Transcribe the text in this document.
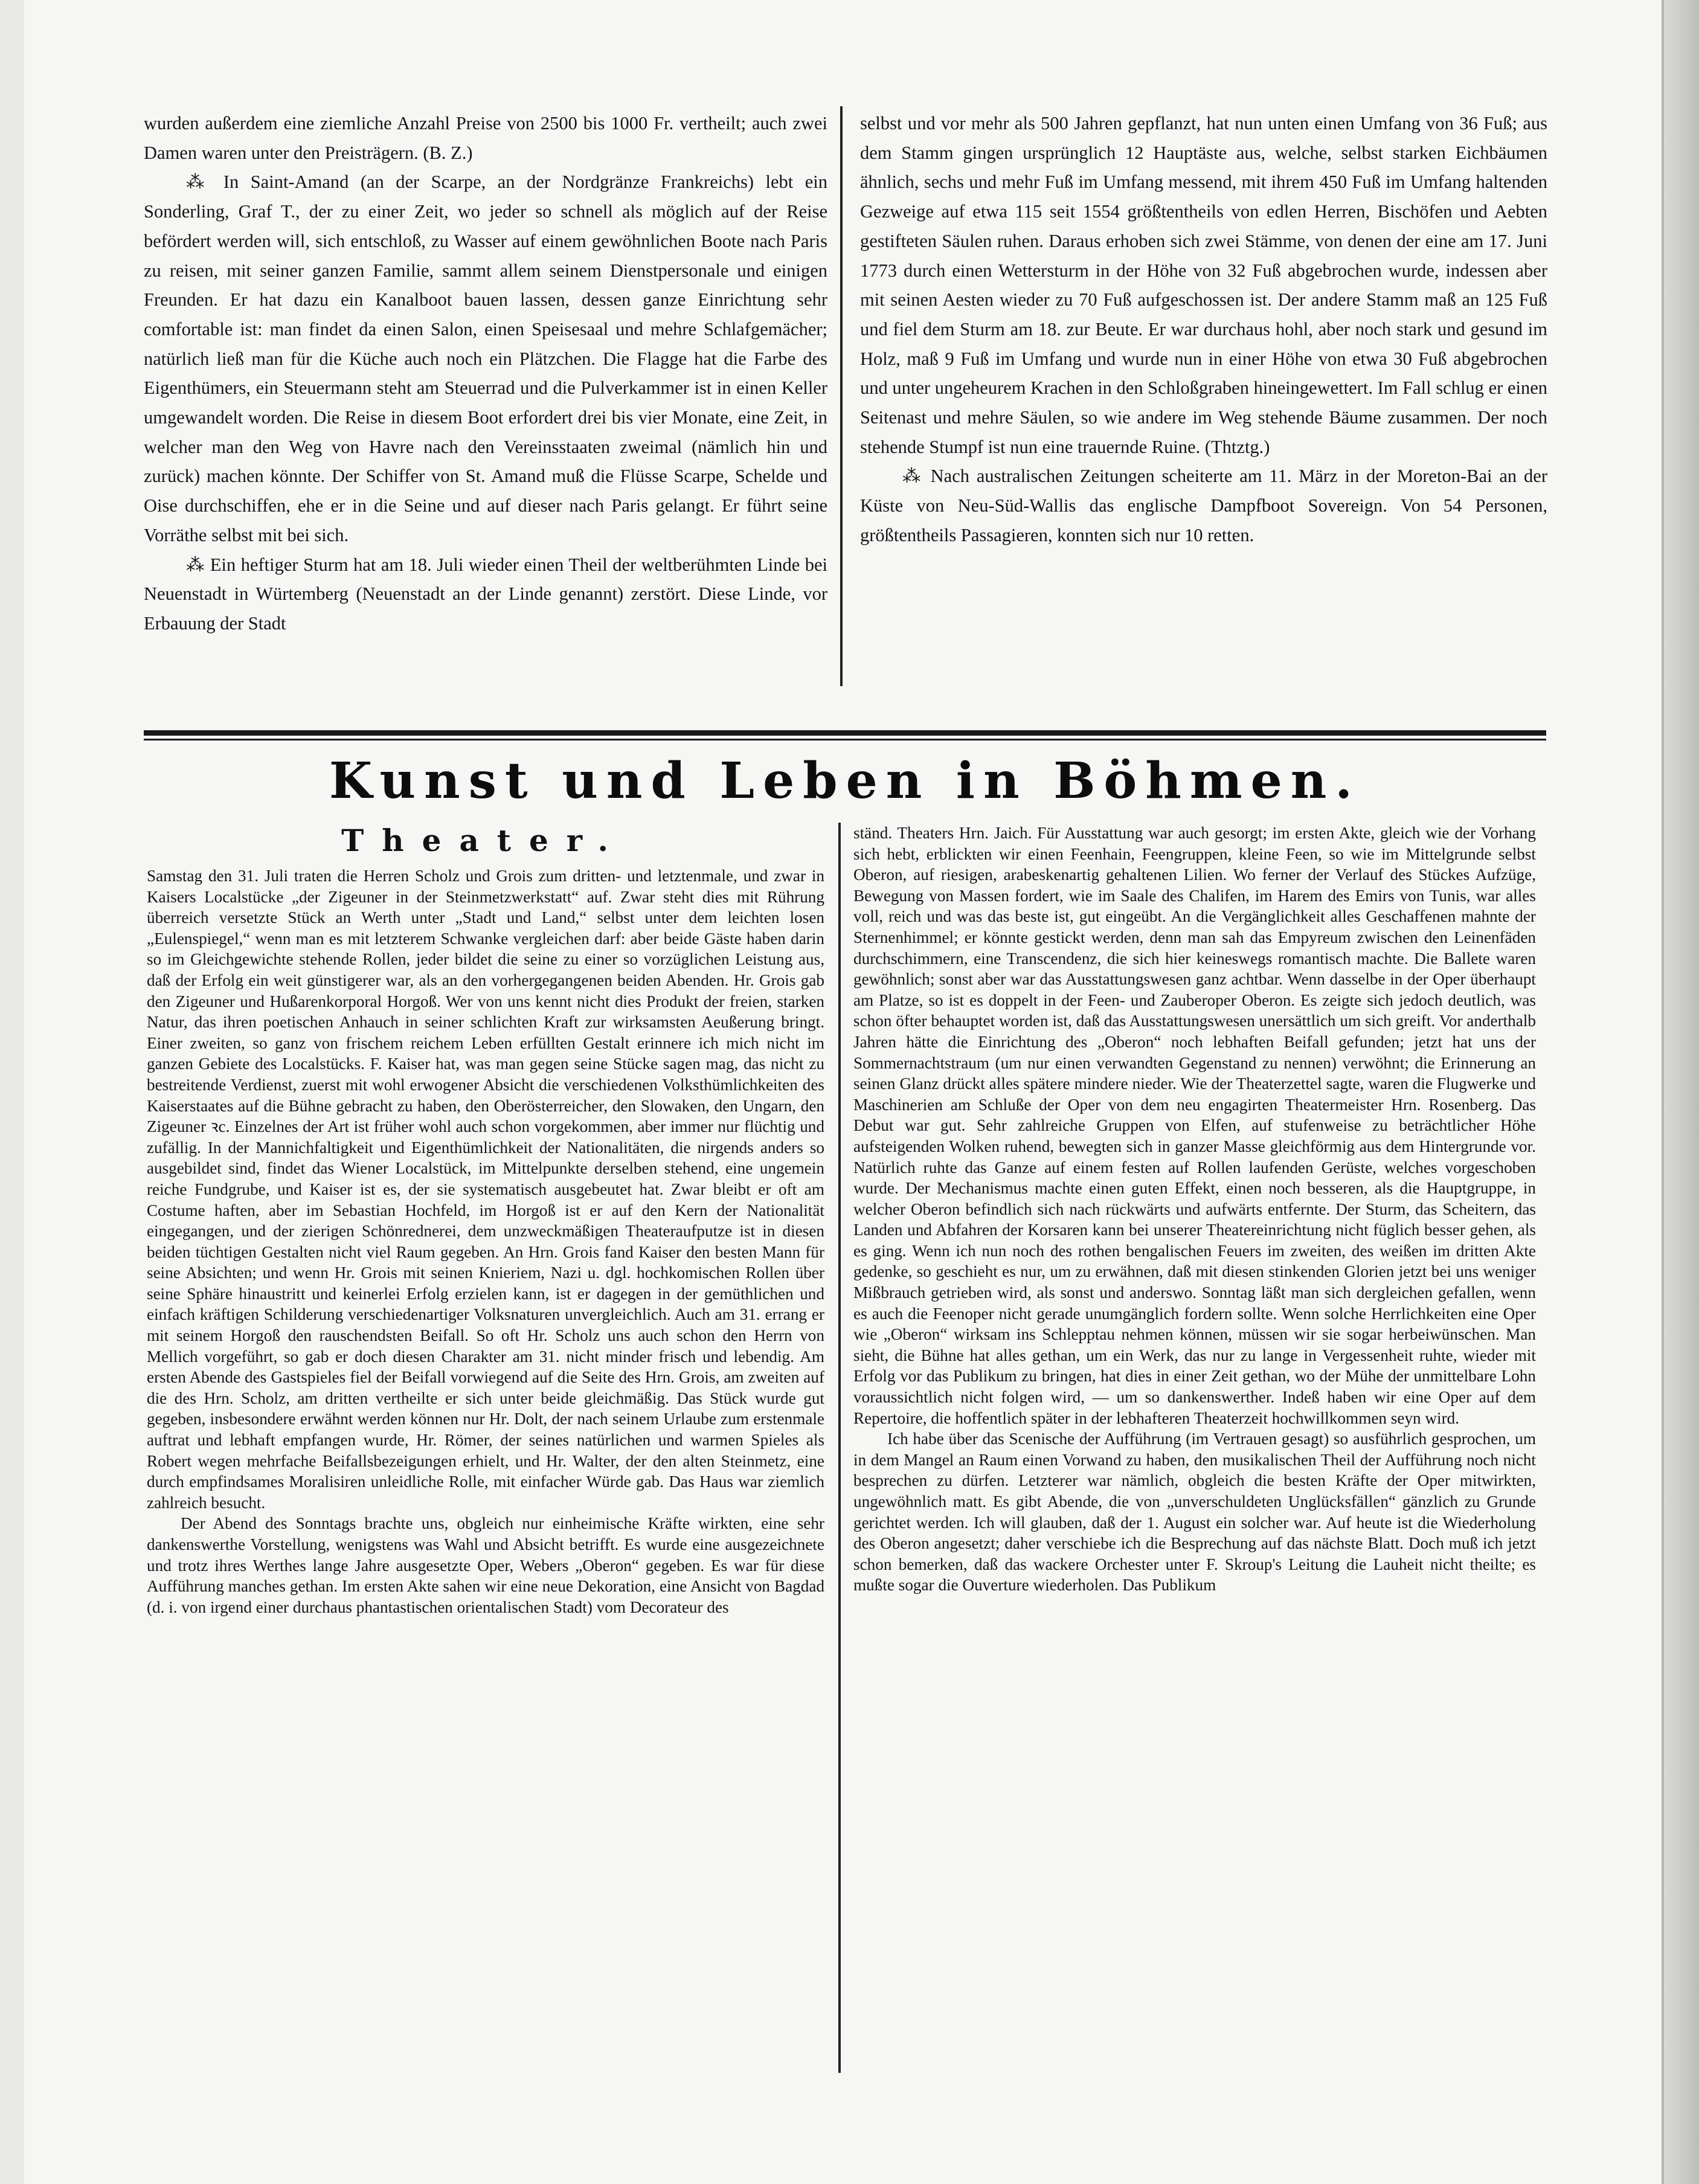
wurden außerdem eine ziemliche Anzahl Preise von 2500 bis 1000 Fr. vertheilt; auch zwei Damen waren unter den Preisträgern. (B. Z.)

⁂ In Saint-Amand (an der Scarpe, an der Nordgränze Frankreichs) lebt ein Sonderling, Graf T., der zu einer Zeit, wo jeder so schnell als möglich auf der Reise befördert werden will, sich entschloß, zu Wasser auf einem gewöhnlichen Boote nach Paris zu reisen, mit seiner ganzen Familie, sammt allem seinem Dienstpersonale und einigen Freunden. Er hat dazu ein Kanalboot bauen lassen, dessen ganze Einrichtung sehr comfortable ist: man findet da einen Salon, einen Speisesaal und mehre Schlafgemächer; natürlich ließ man für die Küche auch noch ein Plätzchen. Die Flagge hat die Farbe des Eigenthümers, ein Steuermann steht am Steuerrad und die Pulverkammer ist in einen Keller umgewandelt worden. Die Reise in diesem Boot erfordert drei bis vier Monate, eine Zeit, in welcher man den Weg von Havre nach den Vereinsstaaten zweimal (nämlich hin und zurück) machen könnte. Der Schiffer von St. Amand muß die Flüsse Scarpe, Schelde und Oise durchschiffen, ehe er in die Seine und auf dieser nach Paris gelangt. Er führt seine Vorräthe selbst mit bei sich.

⁂ Ein heftiger Sturm hat am 18. Juli wieder einen Theil der weltberühmten Linde bei Neuenstadt in Würtemberg (Neuenstadt an der Linde genannt) zerstört. Diese Linde, vor Erbauung der Stadt

selbst und vor mehr als 500 Jahren gepflanzt, hat nun unten einen Umfang von 36 Fuß; aus dem Stamm gingen ursprünglich 12 Hauptäste aus, welche, selbst starken Eichbäumen ähnlich, sechs und mehr Fuß im Umfang messend, mit ihrem 450 Fuß im Umfang haltenden Gezweige auf etwa 115 seit 1554 größtentheils von edlen Herren, Bischöfen und Aebten gestifteten Säulen ruhen. Daraus erhoben sich zwei Stämme, von denen der eine am 17. Juni 1773 durch einen Wettersturm in der Höhe von 32 Fuß abgebrochen wurde, indessen aber mit seinen Aesten wieder zu 70 Fuß aufgeschossen ist. Der andere Stamm maß an 125 Fuß und fiel dem Sturm am 18. zur Beute. Er war durchaus hohl, aber noch stark und gesund im Holz, maß 9 Fuß im Umfang und wurde nun in einer Höhe von etwa 30 Fuß abgebrochen und unter ungeheurem Krachen in den Schloßgraben hineingewettert. Im Fall schlug er einen Seitenast und mehre Säulen, so wie andere im Weg stehende Bäume zusammen. Der noch stehende Stumpf ist nun eine trauernde Ruine. (Thtztg.)

⁂ Nach australischen Zeitungen scheiterte am 11. März in der Moreton-Bai an der Küste von Neu-Süd-Wallis das englische Dampfboot Sovereign. Von 54 Personen, größtentheils Passagieren, konnten sich nur 10 retten.

Kunst und Leben in Böhmen.
Theater.

Samstag den 31. Juli traten die Herren Scholz und Grois zum dritten- und letztenmale, und zwar in Kaisers Localstücke „der Zigeuner in der Steinmetzwerkstatt“ auf. Zwar steht dies mit Rührung überreich versetzte Stück an Werth unter „Stadt und Land,“ selbst unter dem leichten losen „Eulenspiegel,“ wenn man es mit letzterem Schwanke vergleichen darf: aber beide Gäste haben darin so im Gleichgewichte stehende Rollen, jeder bildet die seine zu einer so vorzüglichen Leistung aus, daß der Erfolg ein weit günstigerer war, als an den vorhergegangenen beiden Abenden. Hr. Grois gab den Zigeuner und Hußarenkorporal Horgoß. Wer von uns kennt nicht dies Produkt der freien, starken Natur, das ihren poetischen Anhauch in seiner schlichten Kraft zur wirksamsten Aeußerung bringt. Einer zweiten, so ganz von frischem reichem Leben erfüllten Gestalt erinnere ich mich nicht im ganzen Gebiete des Localstücks. F. Kaiser hat, was man gegen seine Stücke sagen mag, das nicht zu bestreitende Verdienst, zuerst mit wohl erwogener Absicht die verschiedenen Volksthümlichkeiten des Kaiserstaates auf die Bühne gebracht zu haben, den Oberösterreicher, den Slowaken, den Ungarn, den Zigeuner ꝛc. Einzelnes der Art ist früher wohl auch schon vorgekommen, aber immer nur flüchtig und zufällig. In der Mannichfaltigkeit und Eigenthümlichkeit der Nationalitäten, die nirgends anders so ausgebildet sind, findet das Wiener Localstück, im Mittelpunkte derselben stehend, eine ungemein reiche Fundgrube, und Kaiser ist es, der sie systematisch ausgebeutet hat. Zwar bleibt er oft am Costume haften, aber im Sebastian Hochfeld, im Horgoß ist er auf den Kern der Nationalität eingegangen, und der zierigen Schönrednerei, dem unzweckmäßigen Theateraufputze ist in diesen beiden tüchtigen Gestalten nicht viel Raum gegeben. An Hrn. Grois fand Kaiser den besten Mann für seine Absichten; und wenn Hr. Grois mit seinen Knieriem, Nazi u. dgl. hochkomischen Rollen über seine Sphäre hinaustritt und keinerlei Erfolg erzielen kann, ist er dagegen in der gemüthlichen und einfach kräftigen Schilderung verschiedenartiger Volksnaturen unvergleichlich. Auch am 31. errang er mit seinem Horgoß den rauschendsten Beifall. So oft Hr. Scholz uns auch schon den Herrn von Mellich vorgeführt, so gab er doch diesen Charakter am 31. nicht minder frisch und lebendig. Am ersten Abende des Gastspieles fiel der Beifall vorwiegend auf die Seite des Hrn. Grois, am zweiten auf die des Hrn. Scholz, am dritten vertheilte er sich unter beide gleichmäßig. Das Stück wurde gut gegeben, insbesondere erwähnt werden können nur Hr. Dolt, der nach seinem Urlaube zum erstenmale auftrat und lebhaft empfangen wurde, Hr. Römer, der seines natürlichen und warmen Spieles als Robert wegen mehrfache Beifallsbezeigungen erhielt, und Hr. Walter, der den alten Steinmetz, eine durch empfindsames Moralisiren unleidliche Rolle, mit einfacher Würde gab. Das Haus war ziemlich zahlreich besucht.

Der Abend des Sonntags brachte uns, obgleich nur einheimische Kräfte wirkten, eine sehr dankenswerthe Vorstellung, wenigstens was Wahl und Absicht betrifft. Es wurde eine ausgezeichnete und trotz ihres Werthes lange Jahre ausgesetzte Oper, Webers „Oberon“ gegeben. Es war für diese Aufführung manches gethan. Im ersten Akte sahen wir eine neue Dekoration, eine Ansicht von Bagdad (d. i. von irgend einer durchaus phantastischen orientalischen Stadt) vom Decorateur des

ständ. Theaters Hrn. Jaich. Für Ausstattung war auch gesorgt; im ersten Akte, gleich wie der Vorhang sich hebt, erblickten wir einen Feenhain, Feengruppen, kleine Feen, so wie im Mittelgrunde selbst Oberon, auf riesigen, arabeskenartig gehaltenen Lilien. Wo ferner der Verlauf des Stückes Aufzüge, Bewegung von Massen fordert, wie im Saale des Chalifen, im Harem des Emirs von Tunis, war alles voll, reich und was das beste ist, gut eingeübt. An die Vergänglichkeit alles Geschaffenen mahnte der Sternenhimmel; er könnte gestickt werden, denn man sah das Empyreum zwischen den Leinenfäden durchschimmern, eine Transcendenz, die sich hier keineswegs romantisch machte. Die Ballete waren gewöhnlich; sonst aber war das Ausstattungswesen ganz achtbar. Wenn dasselbe in der Oper überhaupt am Platze, so ist es doppelt in der Feen- und Zauberoper Oberon. Es zeigte sich jedoch deutlich, was schon öfter behauptet worden ist, daß das Ausstattungswesen unersättlich um sich greift. Vor anderthalb Jahren hätte die Einrichtung des „Oberon“ noch lebhaften Beifall gefunden; jetzt hat uns der Sommernachtstraum (um nur einen verwandten Gegenstand zu nennen) verwöhnt; die Erinnerung an seinen Glanz drückt alles spätere mindere nieder. Wie der Theaterzettel sagte, waren die Flugwerke und Maschinerien am Schluße der Oper von dem neu engagirten Theatermeister Hrn. Rosenberg. Das Debut war gut. Sehr zahlreiche Gruppen von Elfen, auf stufenweise zu beträchtlicher Höhe aufsteigenden Wolken ruhend, bewegten sich in ganzer Masse gleichförmig aus dem Hintergrunde vor. Natürlich ruhte das Ganze auf einem festen auf Rollen laufenden Gerüste, welches vorgeschoben wurde. Der Mechanismus machte einen guten Effekt, einen noch besseren, als die Hauptgruppe, in welcher Oberon befindlich sich nach rückwärts und aufwärts entfernte. Der Sturm, das Scheitern, das Landen und Abfahren der Korsaren kann bei unserer Theatereinrichtung nicht füglich besser gehen, als es ging. Wenn ich nun noch des rothen bengalischen Feuers im zweiten, des weißen im dritten Akte gedenke, so geschieht es nur, um zu erwähnen, daß mit diesen stinkenden Glorien jetzt bei uns weniger Mißbrauch getrieben wird, als sonst und anderswo. Sonntag läßt man sich dergleichen gefallen, wenn es auch die Feenoper nicht gerade unumgänglich fordern sollte. Wenn solche Herrlichkeiten eine Oper wie „Oberon“ wirksam ins Schlepptau nehmen können, müssen wir sie sogar herbeiwünschen. Man sieht, die Bühne hat alles gethan, um ein Werk, das nur zu lange in Vergessenheit ruhte, wieder mit Erfolg vor das Publikum zu bringen, hat dies in einer Zeit gethan, wo der Mühe der unmittelbare Lohn voraussichtlich nicht folgen wird, — um so dankenswerther. Indeß haben wir eine Oper auf dem Repertoire, die hoffentlich später in der lebhafteren Theaterzeit hochwillkommen seyn wird.

Ich habe über das Scenische der Aufführung (im Vertrauen gesagt) so ausführlich gesprochen, um in dem Mangel an Raum einen Vorwand zu haben, den musikalischen Theil der Aufführung noch nicht besprechen zu dürfen. Letzterer war nämlich, obgleich die besten Kräfte der Oper mitwirkten, ungewöhnlich matt. Es gibt Abende, die von „unverschuldeten Unglücksfällen“ gänzlich zu Grunde gerichtet werden. Ich will glauben, daß der 1. August ein solcher war. Auf heute ist die Wiederholung des Oberon angesetzt; daher verschiebe ich die Besprechung auf das nächste Blatt. Doch muß ich jetzt schon bemerken, daß das wackere Orchester unter F. Skroup's Leitung die Lauheit nicht theilte; es mußte sogar die Ouverture wiederholen. Das Publikum
